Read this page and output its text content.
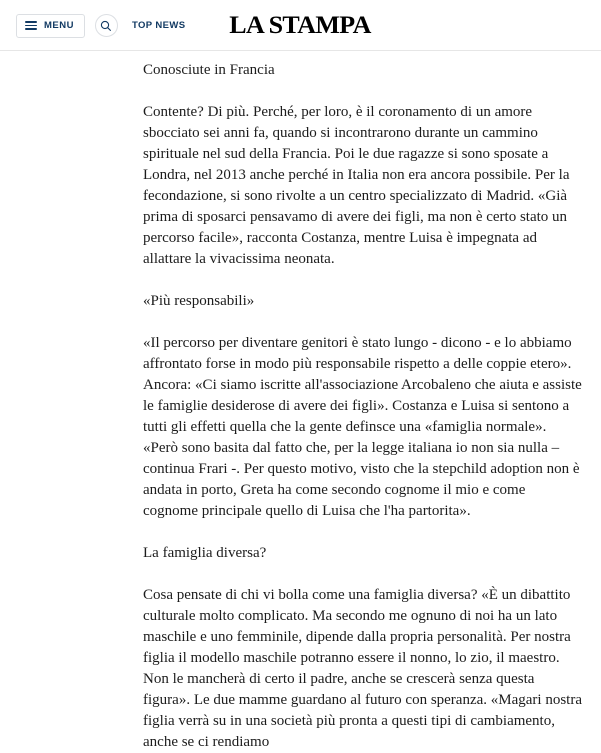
MENU	TOP NEWS LA STAMPA

Conosciute in Francia

Contente? Di più. Perché, per loro, è il coronamento di un amore sbocciato sei anni fa, quando si incontrarono durante un cammino spirituale nel sud della Francia. Poi le due ragazze si sono sposate a Londra, nel 2013 anche perché in Italia non era ancora possibile. Per la fecondazione, si sono rivolte a un centro specializzato di Madrid. «Già prima di sposarci pensavamo di avere dei figli, ma non è certo stato un percorso facile», racconta Costanza, mentre Luisa è impegnata ad allattare la vivacissima neonata.

«Più responsabili»

«Il percorso per diventare genitori è stato lungo - dicono - e lo abbiamo affrontato forse in modo più responsabile rispetto a delle coppie etero». Ancora: «Ci siamo iscritte all'associazione Arcobaleno che aiuta e assiste le famiglie desiderose di avere dei figli». Costanza e Luisa si sentono a tutti gli effetti quella che la gente definsce una «famiglia normale». «Però sono basita dal fatto che, per la legge italiana io non sia nulla – continua Frari -. Per questo motivo, visto che la stepchild adoption non è andata in porto, Greta ha come secondo cognome il mio e come cognome principale quello di Luisa che l'ha partorita».

La famiglia diversa?

Cosa pensate di chi vi bolla come una famiglia diversa? «È un dibattito culturale molto complicato. Ma secondo me ognuno di noi ha un lato maschile e uno femminile, dipende dalla propria personalità. Per nostra figlia il modello maschile potranno essere il nonno, lo zio, il maestro. Non le mancherà di certo il padre, anche se crescerà senza questa figura». Le due mamme guardano al futuro con speranza. «Magari nostra figlia verrà su in una società più pronta a questi tipi di cambiamento, anche se ci rendiamo
